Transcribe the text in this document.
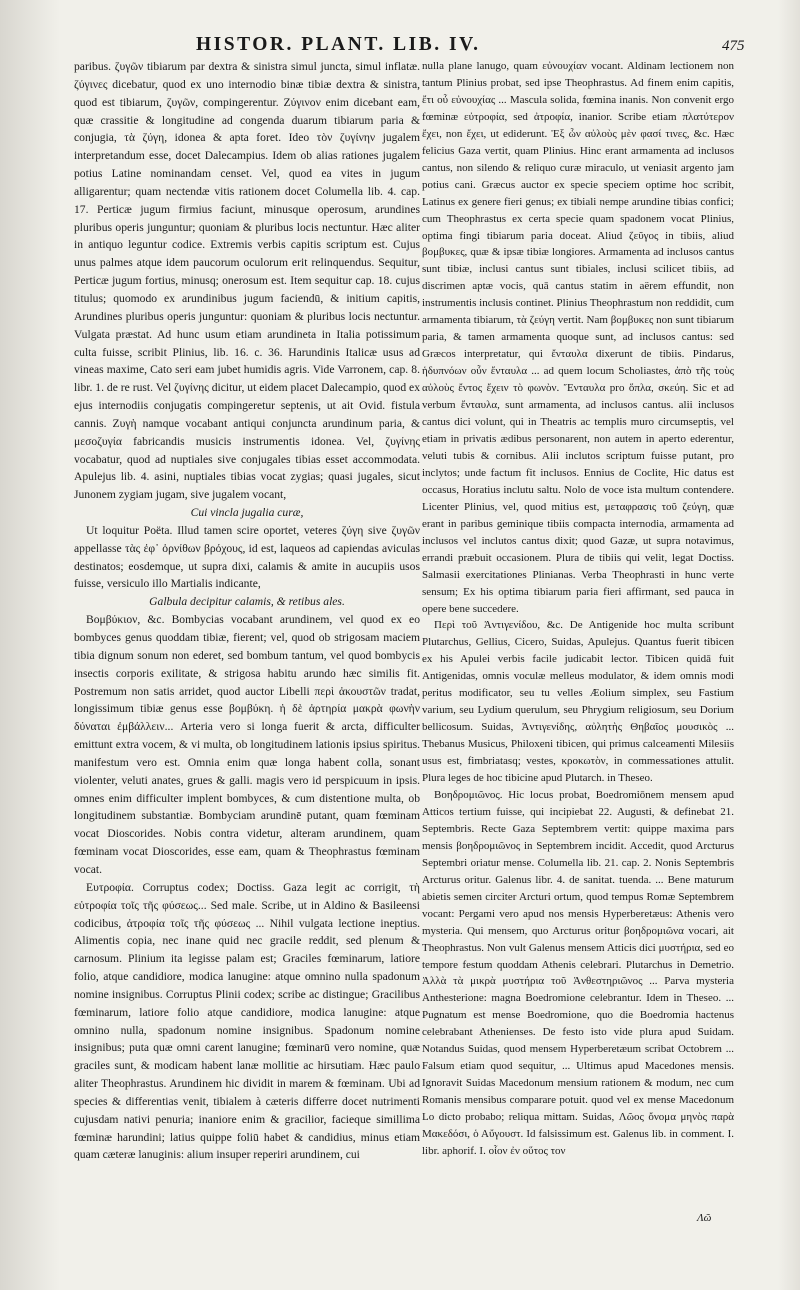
HISTOR. PLANT. LIB. IV.	475

paribus. ζυγῶν tibiarum par dextra & sinistra simul juncta, simul inflatæ. ζύγινες dicebatur, quod ex uno internodio binæ tibiæ dextra & sinistra, quod est tibiarum, ζυγῶν, compingerentur. Ζύγινον enim dicebant eam, quæ crassitie & longitudine ad congenda duarum tibiarum paria & conjugia, τὰ ζύγη, idonea & apta foret. Ideo τὸν ζυγίνην jugalem interpretandum esse, docet Dalecampius. Idem ob alias rationes jugalem potius Latine nominandam censet. Vel, quod ea vites in jugum alligarentur; quam nectendæ vitis rationem docet Columella lib. 4. cap. 17. Perticæ jugum firmius faciunt, minusque operosum, arundines pluribus operis junguntur; quoniam & pluribus locis nectuntur. Hæc aliter in antiquo leguntur codice. Extremis verbis capitis scriptum est. Cujus unus palmes atque idem paucorum oculorum erit relinquendus. Sequitur, Perticæ jugum fortius, minusq; onerosum est. Item sequitur cap. 18. cujus titulus; quomodo ex arundinibus jugum faciendū, & initium capitis, Arundines pluribus operis junguntur: quoniam & pluribus locis nectuntur. Vulgata præstat. Ad hunc usum etiam arundineta in Italia potissimum culta fuisse, scribit Plinius, lib. 16. c. 36. Harundinis Italicæ usus ad vineas maxime, Cato seri eam jubet humidis agris. Vide Varronem, cap. 8. libr. 1. de re rust. Vel ζυγίνης dicitur, ut eidem placet Dalecampio, quod ex ejus internodiis conjugatis compingeretur septenis, ut ait Ovid. fistula cannis. Ζυγὴ namque vocabant antiqui conjuncta arundinum paria, & μεσοζυγία fabricandis musicis instrumentis idonea. Vel, ζυγίνης vocabatur, quod ad nuptiales sive conjugales tibias esset accommodata. Apulejus lib. 4. asini, nuptiales tibias vocat zygias; quasi jugales, sicut Junonem zygiam jugam, sive jugalem vocant,

Cui vincla jugalia curæ,

Ut loquitur Poëta. Illud tamen scire oportet, veteres ζύγη sive ζυγῶν appellasse τὰς ἐφ᾽ ὀρνίθων βρόχους, id est, laqueos ad capiendas aviculas destinatos; eosdemque, ut supra dixi, calamis & amite in aucupiis usos fuisse, versiculo illo Martialis indicante,

Galbula decipitur calamis, & retibus ales.

Βομβύκιον, &c. Bombycias vocabant arundinem, vel quod ex eo bombyces genus quoddam tibiæ, fierent; vel, quod ob strigosam maciem tibia dignum sonum non ederet, sed bombum tantum, vel quod bombycis insectis corporis exilitate, & strigosa habitu arundo hæc similis fit. Postremum non satis arridet, quod auctor Libelli περὶ ἀκουστῶν tradat, longissimum tibiæ genus esse βομβύκη. ἡ δὲ ἀρτηρία μακρὰ φωνὴν δύναται ἐμβάλλειν... Arteria vero si longa fuerit & arcta, difficulter emittunt extra vocem, & vi multa, ob longitudinem lationis ipsius spiritus. manifestum vero est. Omnia enim quæ longa habent colla, sonant violenter, veluti anates, grues & galli. magis vero id perspicuum in ipsis. omnes enim difficulter implent bombyces, & cum distentione multa, ob longitudinem substantiæ. Bombyciam arundinē putant, quam fœminam vocat Dioscorides. Nobis contra videtur, alteram arundinem, quam fœminam vocat Dioscorides, esse eam, quam & Theophrastus fœminam vocat.

Ευτροφία. Corruptus codex; Doctiss. Gaza legit ac corrigit, τὴ εὐτροφία τοῖς τῆς φύσεως... Sed male. Scribe, ut in Aldino & Basileensi codicibus, ἀτροφία τοῖς τῆς φύσεως ... Nihil vulgata lectione ineptius. Alimentis copia, nec inane quid nec gracile reddit, sed plenum & carnosum. Plinium ita legisse palam est; Graciles fœminarum, latiore folio, atque candidiore, modica lanugine: atque omnino nulla spadonum nomine insignibus. Corruptus Plinii codex; scribe ac distingue; Gracilibus fœminarum, latiore folio atque candidiore, modica lanugine: atque omnino nulla, spadonum nomine insignibus. Spadonum nomine insignibus; puta quæ omni carent lanugine; fœminarū vero nomine, quæ graciles sunt, & modicam habent lanæ mollitie ac hirsutiam. Hæc paulo aliter Theophrastus. Arundinem hic dividit in marem & fœminam. Ubi ad species & differentias venit, tibialem à cæteris differre docet nutrimenti cujusdam nativi penuria; inaniore enim & gracilior, facieque simillima fœminæ harundini; latius quippe foliū habet & candidius, minus etiam quam cæteræ lanuginis: alium insuper reperiri arundinem, cui

nulla plane lanugo, quam εὐνουχίαν vocant. Aldinam lectionem non tantum Plinius probat, sed ipse Theophrastus. Ad finem enim capitis, ἔτι οὖ εὐνουχίας ... Mascula solida, fœmina inanis. Non convenit ergo fœminæ εὐτροφία, sed ἀτροφία, inanior. Scribe etiam πλατύτερον ἔχει, non ἔχει, ut ediderunt. Ἐξ ὧν αὐλοὺς μὲν φασί τινες, &c. Hæc felicius Gaza vertit, quam Plinius. Hinc erant armamenta ad inclusos cantus, non silendo & reliquo curæ miraculo, ut veniasit argento jam potius cani. Græcus auctor ex specie speciem optime hoc scribit, Latinus ex genere fieri genus; ex tibiali nempe arundine tibias confici; cum Theophrastus ex certa specie quam spadonem vocat Plinius, optima fingi tibiarum paria doceat. Aliud ζεῦγος in tibiis, aliud βομβυκες, quæ & ipsæ tibiæ longiores. Armamenta ad inclusos cantus sunt tibiæ, inclusi cantus sunt tibiales, inclusi scilicet tibiis, ad discrimen aptæ vocis, quā cantus statim in aërem effundit, non instrumentis inclusis continet. Plinius Theophrastum non reddidit, cum armamenta tibiarum, τὰ ζεύγη vertit. Nam βομβυκες non sunt tibiarum paria, & tamen armamenta quoque sunt, ad inclusos cantus: sed Græcos interpretatur, qui ἔνταυλα dixerunt de tibiis. Pindarus, ἡδυπνόων οὖν ἔνταυλα ... ad quem locum Scholiastes, ἀπὸ τῆς τοὺς αὐλοὺς ἔντος ἔχειν τὸ φωνὸν. Ἔνταυλα pro ὅπλα, σκεύη. Sic et ad verbum ἔνταυλα, sunt armamenta, ad inclusos cantus. alii inclusos cantus dici volunt, qui in Theatris ac templis muro circumseptis, vel etiam in privatis ædibus personarent, non autem in aperto ederentur, veluti tubis & cornibus. Alii inclutos scriptum fuisse putant, pro inclytos; unde factum fit inclusos. Ennius de Coclite, Hic datus est occasus, Horatius inclutu saltu. Nolo de voce ista multum contendere. Licenter Plinius, vel, quod mitius est, μεταφρασις τοῦ ζεύγη, quæ erant in paribus geminique tibiis compacta internodia, armamenta ad inclusos vel inclutos cantus dixit; quod Gazæ, ut supra notavimus, errandi præbuit occasionem. Plura de tibiis qui velit, legat Doctiss. Salmasii exercitationes Plinianas. Verba Theophrasti in hunc verte sensum; Ex his optima tibiarum paria fieri affirmant, sed pauca in opere bene succedere.

Περὶ τοῦ Ἀντιγενίδου, &c. De Antigenide hoc multa scribunt Plutarchus, Gellius, Cicero, Suidas, Apulejus. Quantus fuerit tibicen ex his Apulei verbis facile judicabit lector. Tibicen quidā fuit Antigenidas, omnis voculæ melleus modulator, & idem omnis modi peritus modificator, seu tu velles Æolium simplex, seu Fastium varium, seu Lydium querulum, seu Phrygium religiosum, seu Dorium bellicosum. Suidas, Ἀντιγενίδης, αὐλητὴς Θηβαῖος μουσικὸς ... Thebanus Musicus, Philoxeni tibicen, qui primus calceamenti Milesiis usus est, fimbriatasq; vestes, κροκωτὸν, in commessationes attulit. Plura leges de hoc tibicine apud Plutarch. in Theseo.

Βοηδρομιῶνος. Hic locus probat, Boedromiōnem mensem apud Atticos tertium fuisse, qui incipiebat 22. Augusti, & definebat 21. Septembris. Recte Gaza Septembrem vertit: quippe maxima pars mensis βοηδρομιῶνος in Septembrem incidit. Accedit, quod Arcturus Septembri oriatur mense. Columella lib. 21. cap. 2. Nonis Septembris Arcturus oritur. Galenus libr. 4. de sanitat. tuenda. ... Bene maturum abietis semen circiter Arcturi ortum, quod tempus Romæ Septembrem vocant: Pergami vero apud nos mensis Hyperberetæus: Athenis vero mysteria. Qui mensem, quo Arcturus oritur βοηδρομιῶνα vocari, ait Theophrastus. Non vult Galenus mensem Atticis dici μυστήρια, sed eo tempore festum quoddam Athenis celebrari. Plutarchus in Demetrio. Ἀλλὰ τὰ μικρὰ μυστήρια τοῦ Ἀνθεστηριῶνος ... Parva mysteria Anthesterione: magna Boedromione celebrantur. Idem in Theseo. ... Pugnatum est mense Boedromione, quo die Boedromia hactenus celebrabant Athenienses. De festo isto vide plura apud Suidam. Notandus Suidas, quod mensem Hyperberetæum scribat Octobrem ... Falsum etiam quod sequitur, ... Ultimus apud Macedones mensis. Ignoravit Suidas Macedonum mensium rationem & modum, nec cum Romanis mensibus comparare potuit. quod vel ex mense Macedonum Lo dicto probabo; reliqua mittam. Suidas, Λῶος ὄνομα μηνὸς παρὰ Μακεδόσι, ὁ Αὔγουστ. Id falsissimum est. Galenus lib. in comment. I. libr. aphorif. I. οἷον ἐν οὕτος τον

Λῶ
